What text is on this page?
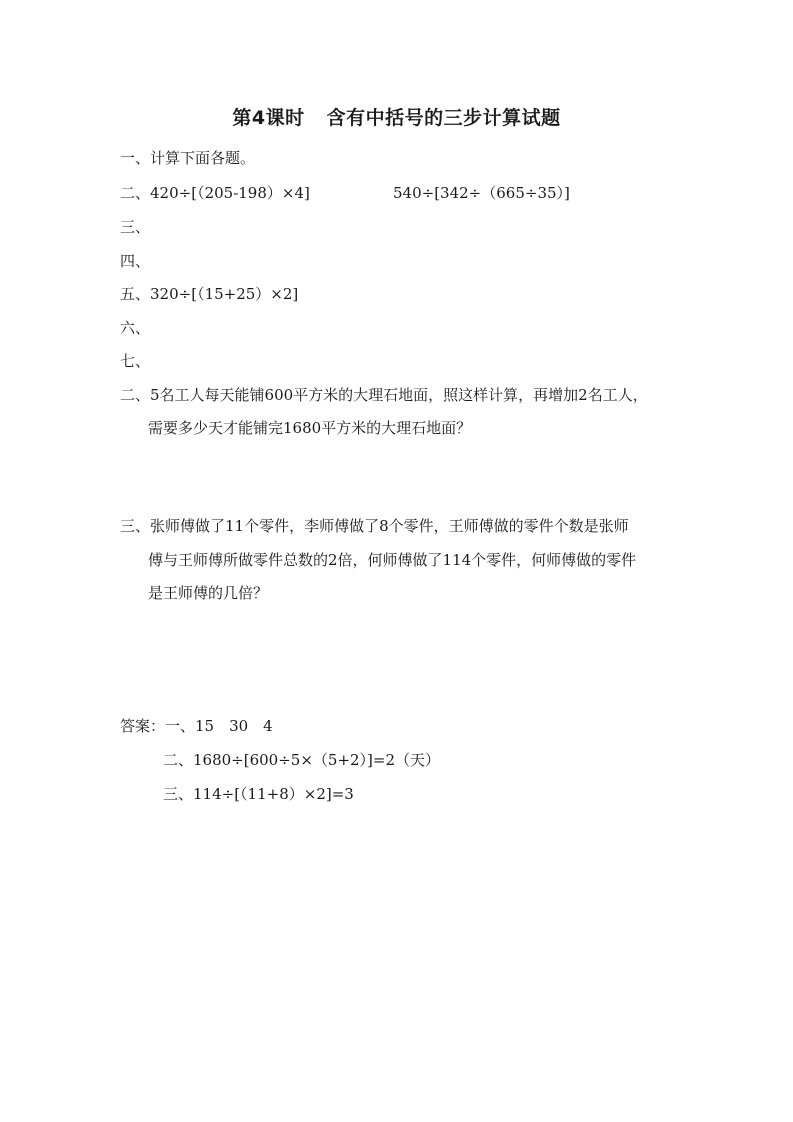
第4课时 含有中括号的三步计算试题
一、计算下面各题。
二、420÷[（205-198）×4]	540÷[342÷（665÷35）]
三、
四、
五、320÷[（15+25）×2]
六、
七、
二、5名工人每天能铺600平方米的大理石地面，照这样计算，再增加2名工人，
需要多少天才能铺完1680平方米的大理石地面？
三、张师傅做了11个零件，李师傅做了8个零件，王师傅做的零件个数是张师
傅与王师傅所做零件总数的2倍，何师傅做了114个零件，何师傅做的零件
是王师傅的几倍？
答案：一、15　30　4
二、1680÷[600÷5×（5+2）]=2（天）
三、114÷[（11+8）×2]=3
